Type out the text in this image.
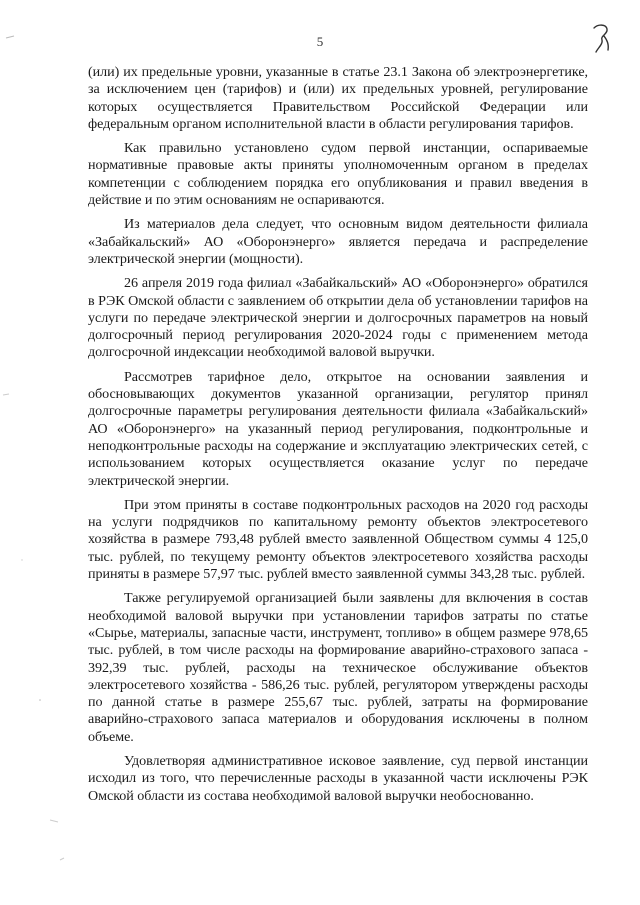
5

(или) их предельные уровни, указанные в статье 23.1 Закона об электроэнергетике, за исключением цен (тарифов) и (или) их предельных уровней, регулирование которых осуществляется Правительством Российской Федерации или федеральным органом исполнительной власти в области регулирования тарифов.

Как правильно установлено судом первой инстанции, оспариваемые нормативные правовые акты приняты уполномоченным органом в пределах компетенции с соблюдением порядка его опубликования и правил введения в действие и по этим основаниям не оспариваются.

Из материалов дела следует, что основным видом деятельности филиала «Забайкальский» АО «Оборонэнерго» является передача и распределение электрической энергии (мощности).

26 апреля 2019 года филиал «Забайкальский» АО «Оборонэнерго» обратился в РЭК Омской области с заявлением об открытии дела об установлении тарифов на услуги по передаче электрической энергии и долгосрочных параметров на новый долгосрочный период регулирования 2020-2024 годы с применением метода долгосрочной индексации необходимой валовой выручки.

Рассмотрев тарифное дело, открытое на основании заявления и обосновывающих документов указанной организации, регулятор принял долгосрочные параметры регулирования деятельности филиала «Забайкальский» АО «Оборонэнерго» на указанный период регулирования, подконтрольные и неподконтрольные расходы на содержание и эксплуатацию электрических сетей, с использованием которых осуществляется оказание услуг по передаче электрической энергии.

При этом приняты в составе подконтрольных расходов на 2020 год расходы на услуги подрядчиков по капитальному ремонту объектов электросетевого хозяйства в размере 793,48 рублей вместо заявленной Обществом суммы 4 125,0 тыс. рублей, по текущему ремонту объектов электросетевого хозяйства расходы приняты в размере 57,97 тыс. рублей вместо заявленной суммы 343,28 тыс. рублей.

Также регулируемой организацией были заявлены для включения в состав необходимой валовой выручки при установлении тарифов затраты по статье «Сырье, материалы, запасные части, инструмент, топливо» в общем размере 978,65 тыс. рублей, в том числе расходы на формирование аварийно-страхового запаса - 392,39 тыс. рублей, расходы на техническое обслуживание объектов электросетевого хозяйства - 586,26 тыс. рублей, регулятором утверждены расходы по данной статье в размере 255,67 тыс. рублей, затраты на формирование аварийно-страхового запаса материалов и оборудования исключены в полном объеме.

Удовлетворяя административное исковое заявление, суд первой инстанции исходил из того, что перечисленные расходы в указанной части исключены РЭК Омской области из состава необходимой валовой выручки необоснованно.
